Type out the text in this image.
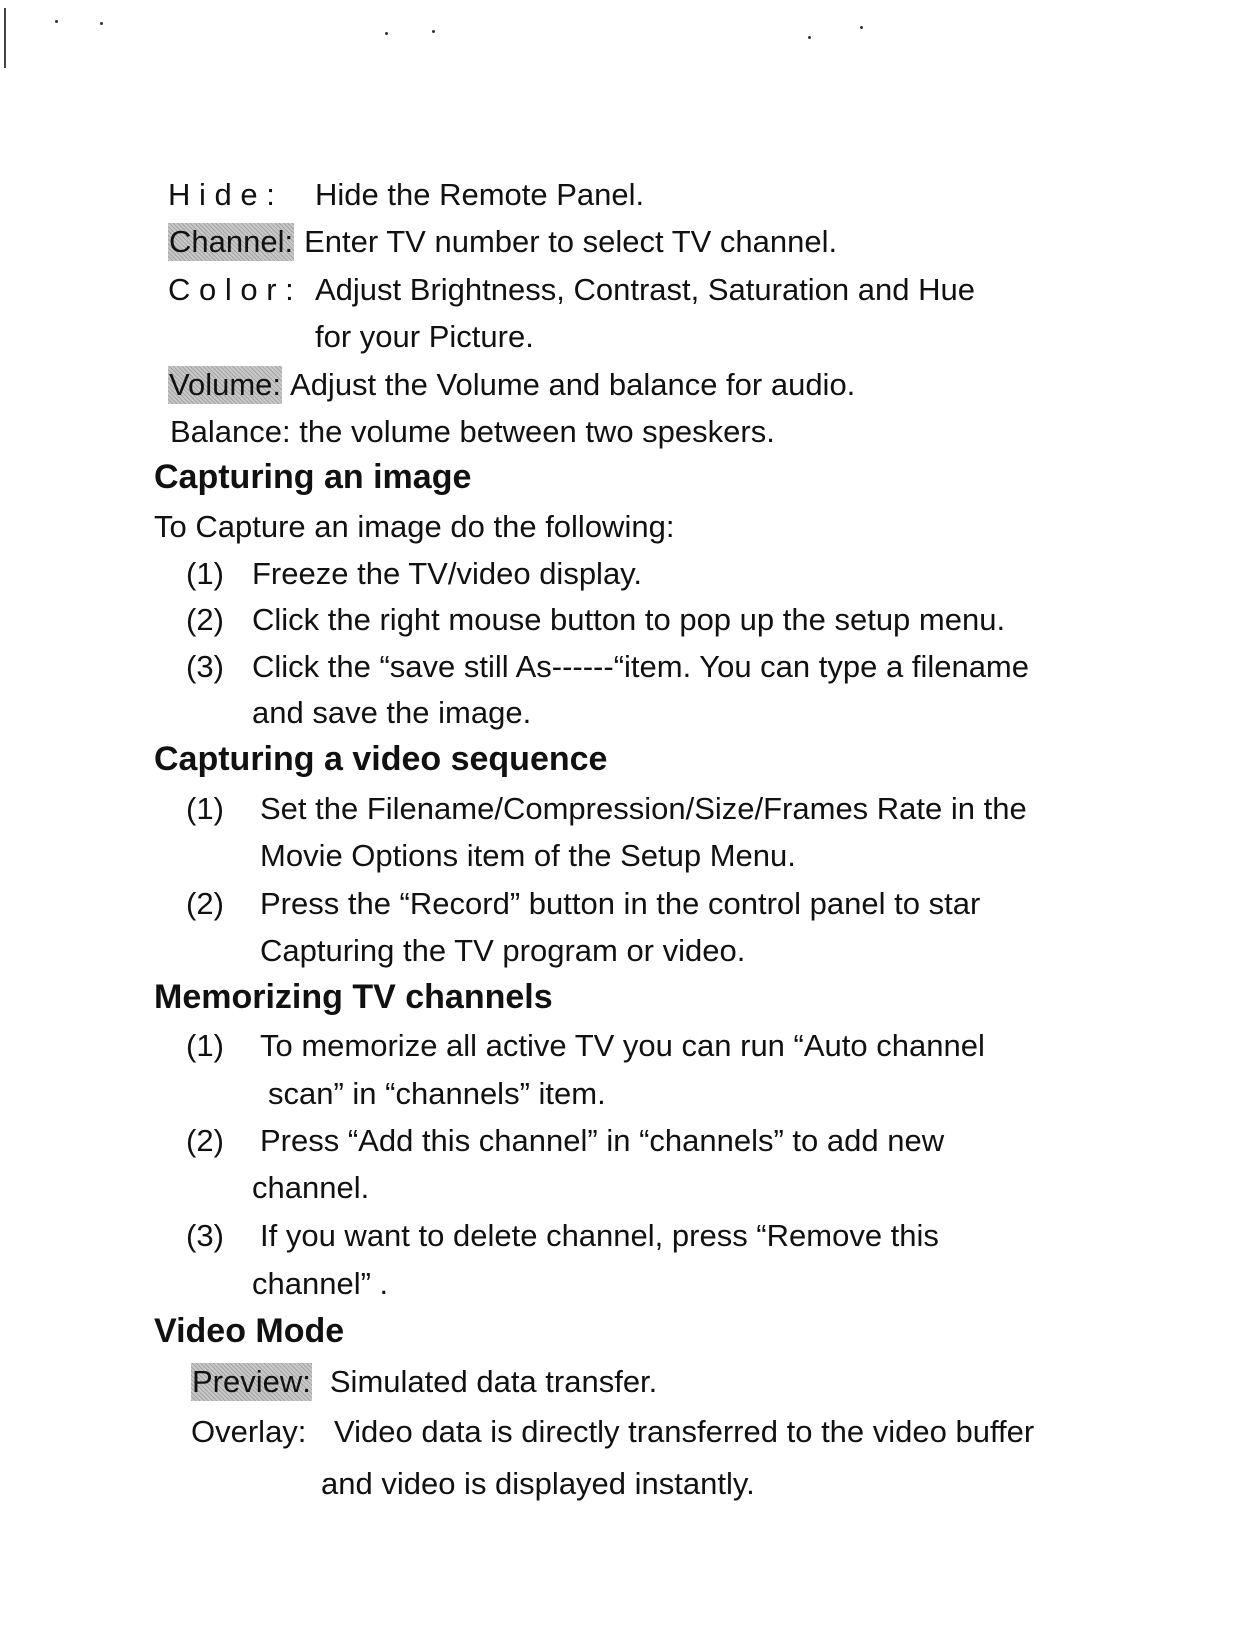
H i d e : Hide the Remote Panel.
Channel: Enter TV number to select TV channel.
C o l o r : Adjust Brightness, Contrast, Saturation and Hue
for your Picture.
Volume: Adjust the Volume and balance for audio.
Balance: the volume between two speskers.
Capturing an image
To Capture an image do the following:
(1) Freeze the TV/video display.
(2) Click the right mouse button to pop up the setup menu.
(3) Click the “save still As------“item. You can type a filename
and save the image.
Capturing a video sequence
(1) Set the Filename/Compression/Size/Frames Rate in the
Movie Options item of the Setup Menu.
(2) Press the “Record” button in the control panel to star
Capturing the TV program or video.
Memorizing TV channels
(1) To memorize all active TV you can run “Auto channel
scan” in “channels” item.
(2) Press “Add this channel” in “channels” to add new
channel.
(3) If you want to delete channel, press “Remove this
channel” .
Video Mode
Preview: Simulated data transfer.
Overlay: Video data is directly transferred to the video buffer
and video is displayed instantly.
